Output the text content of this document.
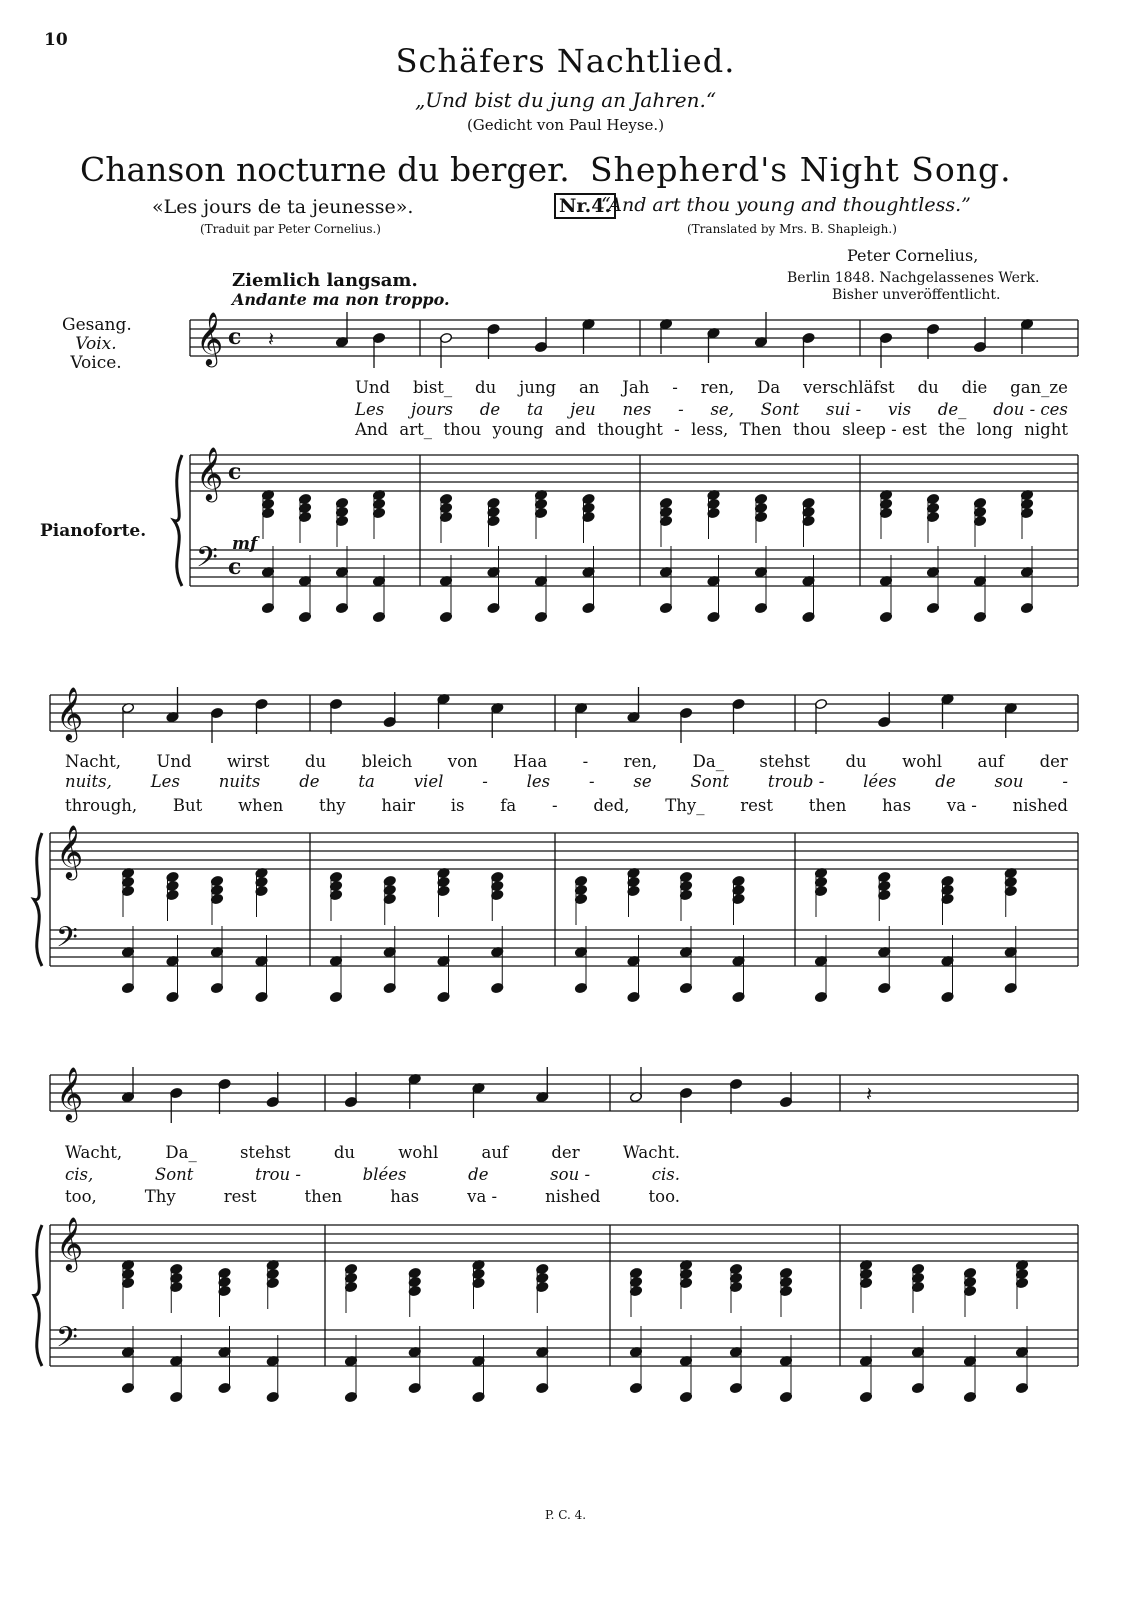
10
Schäfers Nachtlied.
„Und bist du jung an Jahren.“
(Gedicht von Paul Heyse.)
Chanson nocturne du berger. Shepherd's Night Song.
«Les jours de ta jeunesse».	Nr.4.
“And art thou young and thoughtless.”
(Traduit par Peter Cornelius.)	(Translated by Mrs. B. Shapleigh.)
Peter Cornelius,
Berlin 1848. Nachgelassenes Werk.
Bisher unveröffentlicht.
Ziemlich langsam.
Andante ma non troppo.
Gesang.
Voix.
Voice.
Pianoforte.
mf
𝄞
𝄞
𝄢
c
c
c
𝄽
𝄞
𝄞
𝄢
𝄞
𝄞
𝄢
𝄽
Und bist_ du jung an Jah - ren, Da verschläfst du die gan_ze
Les jours de ta jeu nes - se, Sont sui - vis de_ dou - ces
And art_ thou young and thought - less, Then thou sleep - est the long night
Nacht, Und wirst du bleich von Haa - ren, Da_ stehst du wohl auf der
nuits, Les nuits de ta viel - les - se Sont troub - lées de sou -
through, But when thy hair is fa - ded, Thy_ rest then has va - nished
Wacht,	Da_	stehst	du	wohl	auf	der	Wacht.
cis,	Sont	trou -	blées	de	sou -	cis.
too,	Thy	rest	then	has	va -	nished	too.
P. C. 4.
